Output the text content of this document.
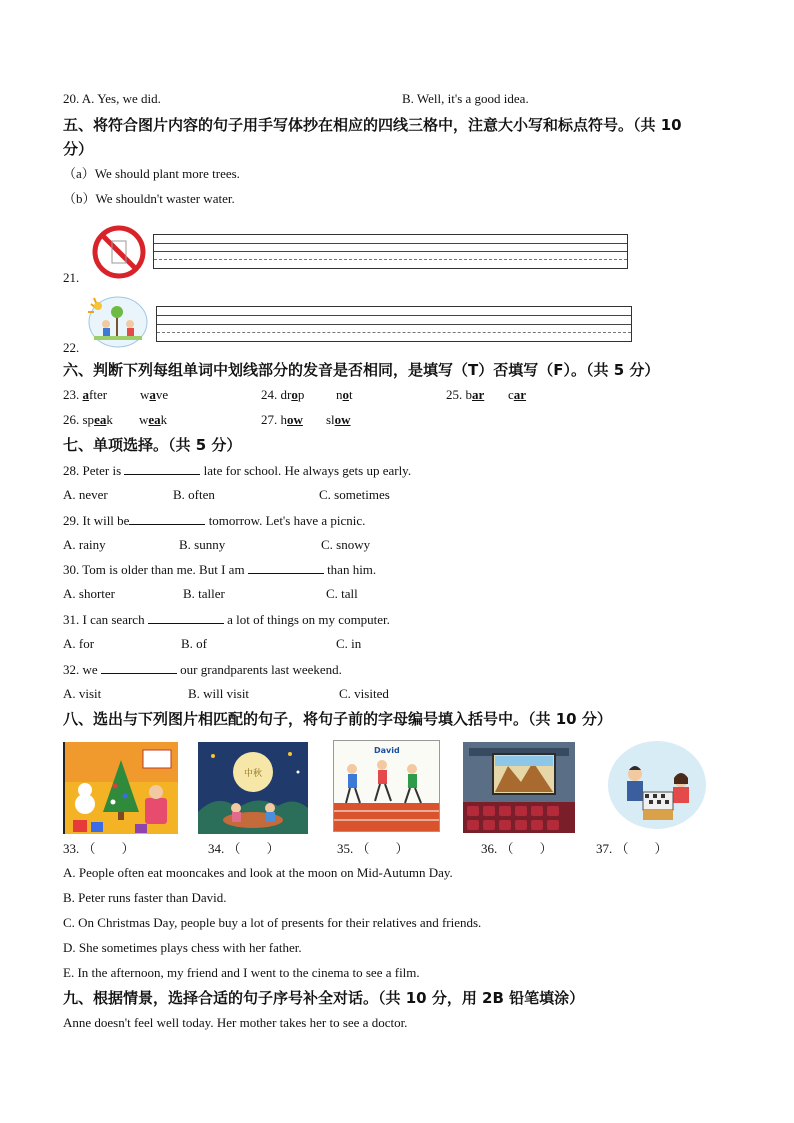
20. A. Yes, we did.	B. Well, it's a good idea.
五、将符合图片内容的句子用手写体抄在相应的四线三格中，注意大小写和标点符号。（共 10
分）
（a）We should plant more trees.
（b）We shouldn't waster water.
21.
22.
六、判断下列每组单词中划线部分的发音是否相同，是填写（T）否填写（F）。（共 5 分）
23. after	wave	24. drop not	25. bar car
26. speak weak	27. how slow
七、单项选择。（共 5 分）
28. Peter is	late for school. He always gets up early.
A. never	B. often	C. sometimes
29. It will be	tomorrow. Let's have a picnic.
A. rainy	B. sunny	C. snowy
30. Tom is older than me. But I am	than him.
A. shorter	B. taller	C. tall
31. I can search	a lot of things on my computer.
A. for	B. of	C. in
32. we	our grandparents last weekend.
A. visit	B. will visit	C. visited
八、选出与下列图片相匹配的句子，将句子前的字母编号填入括号中。（共 10 分）
中秋
David
33. （　　）	34. （　　）	35. （　　）	36. （　　）	37. （　　）
A. People often eat mooncakes and look at the moon on Mid-Autumn Day.
B. Peter runs faster than David.
C. On Christmas Day, people buy a lot of presents for their relatives and friends.
D. She sometimes plays chess with her father.
E. In the afternoon, my friend and I went to the cinema to see a film.
九、根据情景，选择合适的句子序号补全对话。（共 10 分，用 2B 铅笔填涂）
Anne doesn't feel well today. Her mother takes her to see a doctor.
